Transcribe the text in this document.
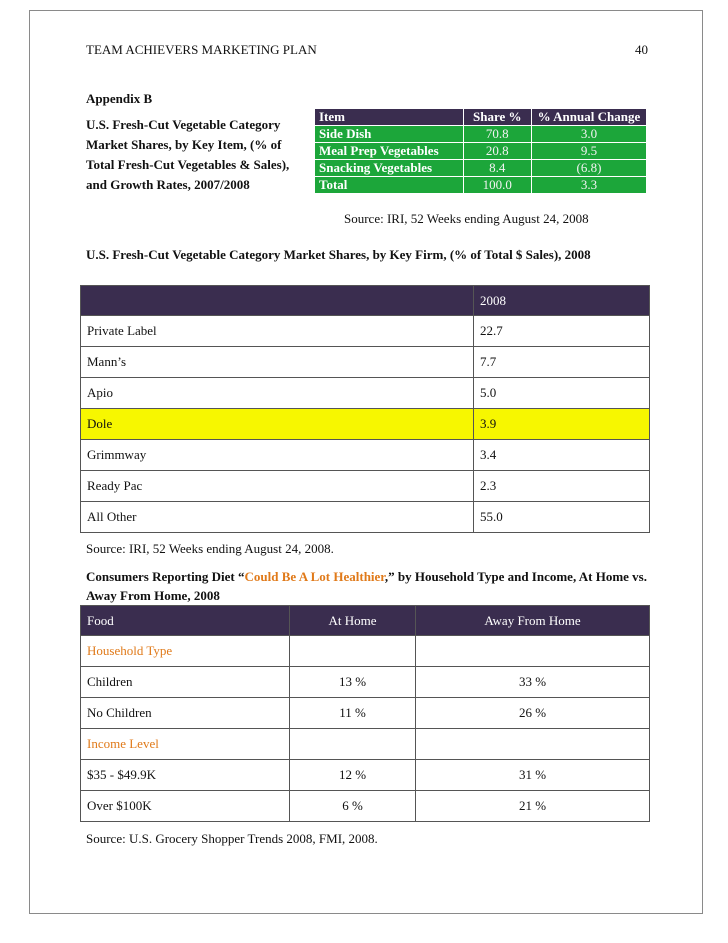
TEAM ACHIEVERS MARKETING PLAN	40
Appendix B
U.S. Fresh-Cut Vegetable Category Market Shares, by Key Item, (% of Total Fresh-Cut Vegetables & Sales), and Growth Rates, 2007/2008
Item	Share %	% Annual Change
Side Dish	70.8	3.0
Meal Prep Vegetables	20.8	9.5
Snacking Vegetables	8.4	(6.8)
Total	100.0	3.3
Source: IRI, 52 Weeks ending August 24, 2008
U.S. Fresh-Cut Vegetable Category Market Shares, by Key Firm, (% of Total $ Sales), 2008
	2008
Private Label	22.7
Mann’s	7.7
Apio	5.0
Dole	3.9
Grimmway	3.4
Ready Pac	2.3
All Other	55.0
Source: IRI, 52 Weeks ending August 24, 2008.
Consumers Reporting Diet “Could Be A Lot Healthier,” by Household Type and Income, At Home vs. Away From Home, 2008
Food	At Home	Away From Home
Household Type		
Children	13 %	33 %
No Children	11 %	26 %
Income Level		
$35 - $49.9K	12 %	31 %
Over $100K	6 %	21 %
Source: U.S. Grocery Shopper Trends 2008, FMI, 2008.
